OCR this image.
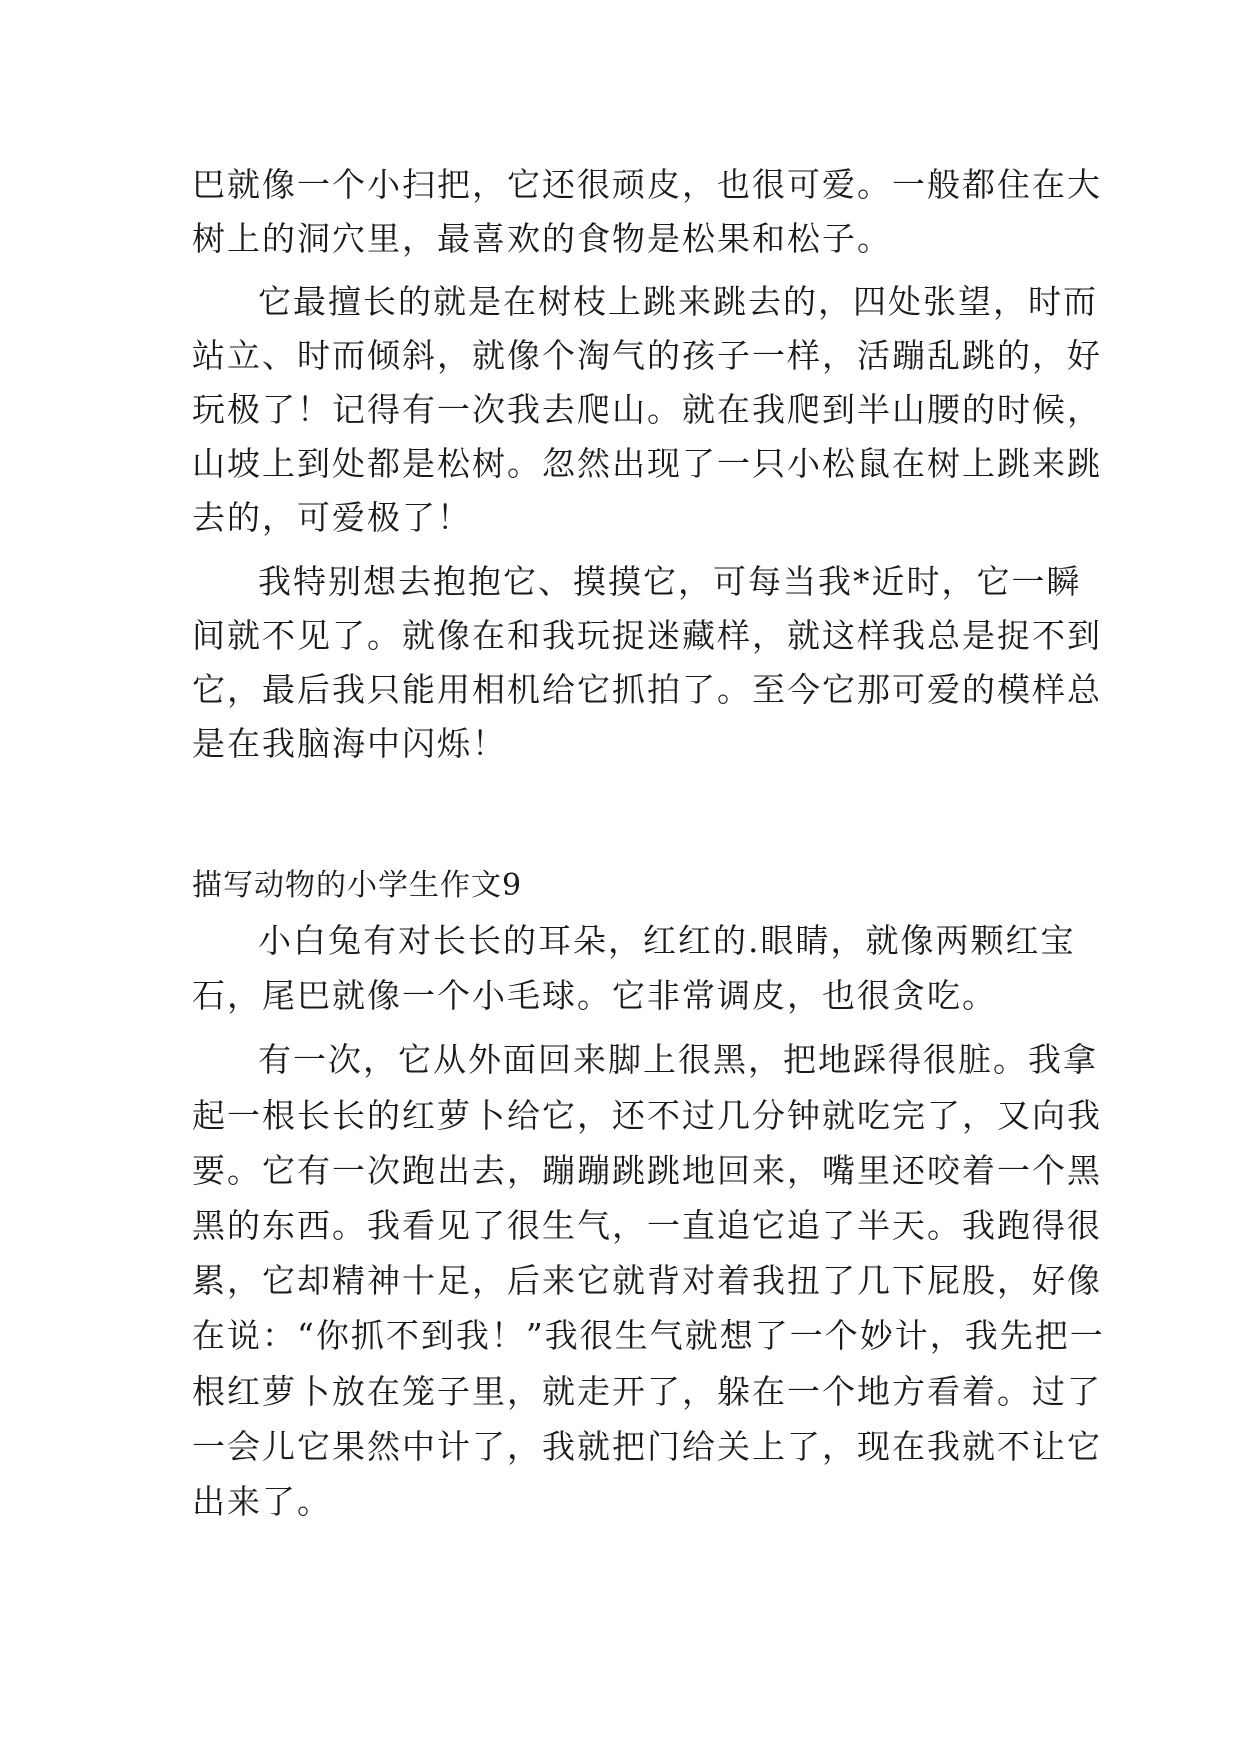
巴就像一个小扫把，它还很顽皮，也很可爱。一般都住在大
树上的洞穴里，最喜欢的食物是松果和松子。
它最擅长的就是在树枝上跳来跳去的，四处张望，时而
站立、时而倾斜，就像个淘气的孩子一样，活蹦乱跳的，好
玩极了！记得有一次我去爬山。就在我爬到半山腰的时候，
山坡上到处都是松树。忽然出现了一只小松鼠在树上跳来跳
去的，可爱极了！
我特别想去抱抱它、摸摸它，可每当我*近时，它一瞬
间就不见了。就像在和我玩捉迷藏样，就这样我总是捉不到
它，最后我只能用相机给它抓拍了。至今它那可爱的模样总
是在我脑海中闪烁！
描写动物的小学生作文9
小白兔有对长长的耳朵，红红的.眼睛，就像两颗红宝
石，尾巴就像一个小毛球。它非常调皮，也很贪吃。
有一次，它从外面回来脚上很黑，把地踩得很脏。我拿
起一根长长的红萝卜给它，还不过几分钟就吃完了，又向我
要。它有一次跑出去，蹦蹦跳跳地回来，嘴里还咬着一个黑
黑的东西。我看见了很生气，一直追它追了半天。我跑得很
累，它却精神十足，后来它就背对着我扭了几下屁股，好像
在说：“你抓不到我！”我很生气就想了一个妙计，我先把一
根红萝卜放在笼子里，就走开了，躲在一个地方看着。过了
一会儿它果然中计了，我就把门给关上了，现在我就不让它
出来了。
